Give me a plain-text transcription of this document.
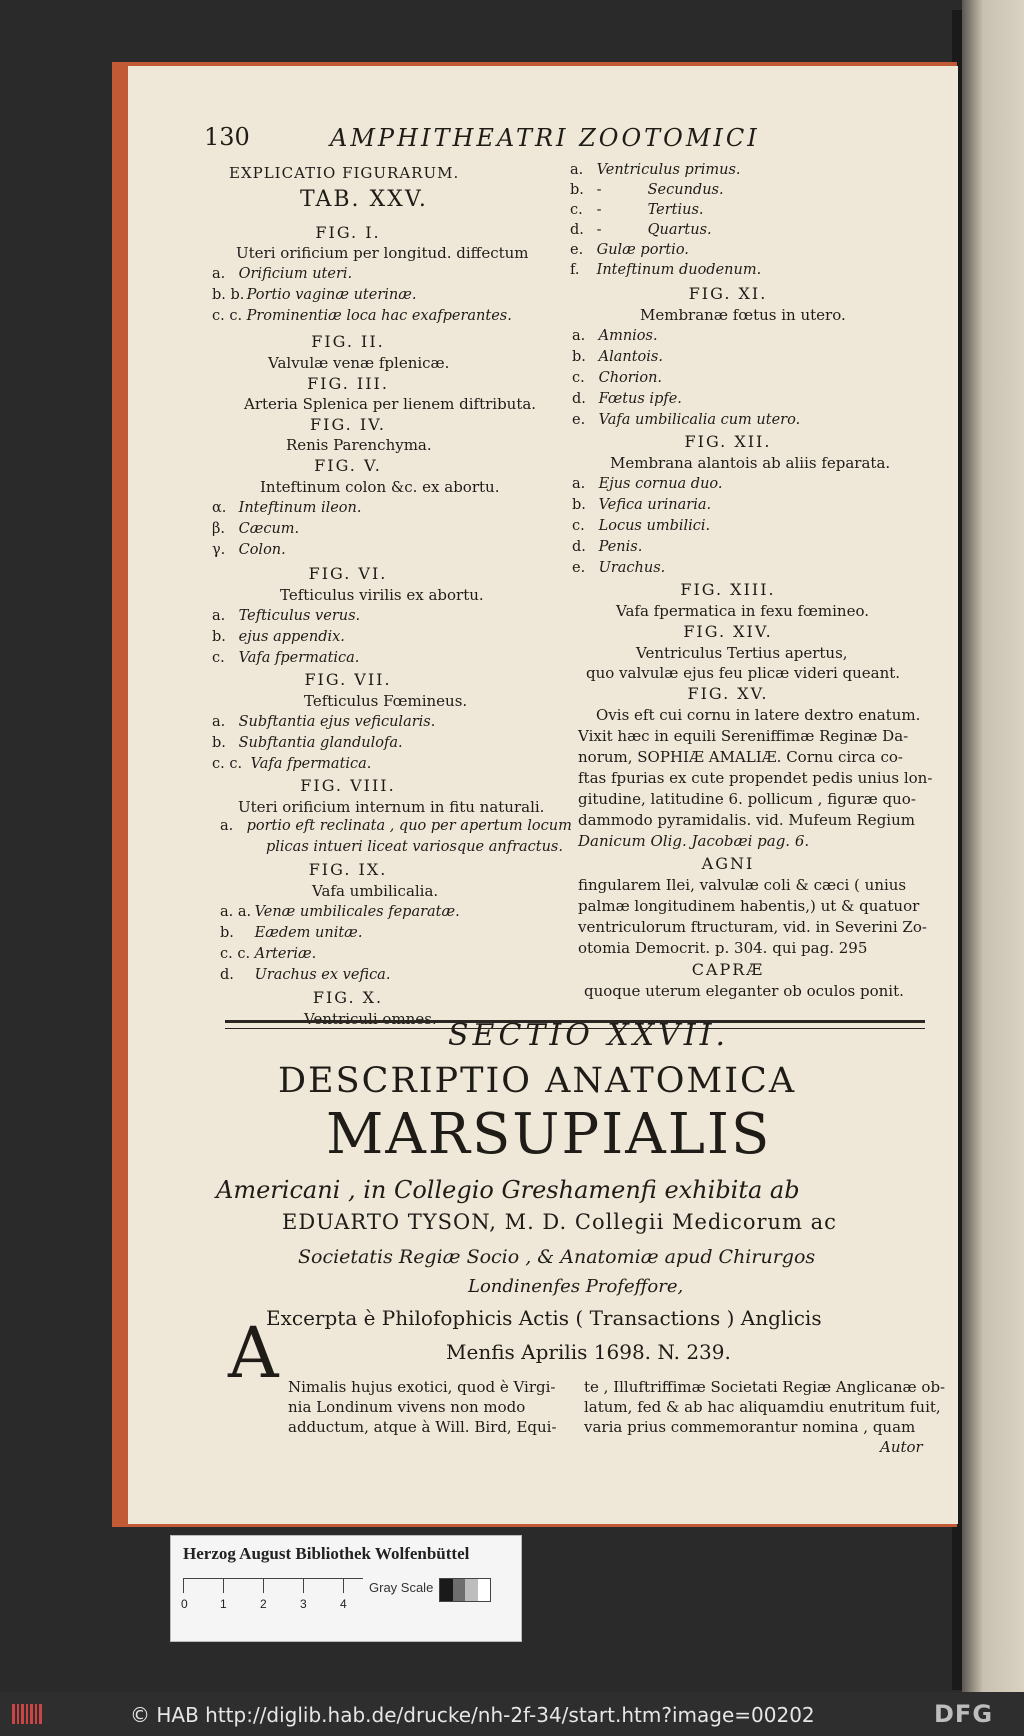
130	AMPHITHEATRI ZOOTOMICI
EXPLICATIO FIGURARUM.
TAB. XXV.
FIG. I.
Uteri orificium per longitud. diffectum
a. Orificium uteri.
b. b. Portio vaginæ uterinæ.
c. c. Prominentiæ loca hac exafperantes.
FIG. II.
Valvulæ venæ fplenicæ.
FIG. III.
Arteria Splenica per lienem diftributa.
FIG. IV.
Renis Parenchyma.
FIG. V.
Inteftinum colon &c. ex abortu.
α. Inteftinum ileon.
β. Cæcum.
γ. Colon.
FIG. VI.
Tefticulus virilis ex abortu.
a. Tefticulus verus.
b. ejus appendix.
c. Vafa fpermatica.
FIG. VII.
Tefticulus Fœmineus.
a. Subftantia ejus veficularis.
b. Subftantia glandulofa.
c. c. Vafa fpermatica.
FIG. VIII.
Uteri orificium internum in fitu naturali.
a. portio eft reclinata , quo per apertum locum
plicas intueri liceat variosque anfractus.
FIG. IX.
Vafa umbilicalia.
a. a. Venæ umbilicales feparatæ.
b. Eædem unitæ.
c. c. Arteriæ.
d. Urachus ex vefica.
FIG. X.
Ventriculi omnes.
a. Ventriculus primus.
b. -          Secundus.
c. -          Tertius.
d. -          Quartus.
e. Gulæ portio.
f. Inteftinum duodenum.
FIG. XI.
Membranæ fœtus in utero.
a. Amnios.
b. Alantois.
c. Chorion.
d. Fœtus ipfe.
e. Vafa umbilicalia cum utero.
FIG. XII.
Membrana alantois ab aliis feparata.
a. Ejus cornua duo.
b. Vefica urinaria.
c. Locus umbilici.
d. Penis.
e. Urachus.
FIG. XIII.
Vafa fpermatica in fexu fœmineo.
FIG. XIV.
Ventriculus Tertius apertus,
quo valvulæ ejus feu plicæ videri queant.
FIG. XV.
Ovis eft cui cornu in latere dextro enatum.
Vixit hæc in equili Sereniffimæ Reginæ Da-
norum, SOPHIÆ AMALIÆ. Cornu circa co-
ftas fpurias ex cute propendet pedis unius lon-
gitudine, latitudine 6. pollicum , figuræ quo-
dammodo pyramidalis. vid. Mufeum Regium
Danicum Olig. Jacobæi pag. 6.
AGNI
fingularem Ilei, valvulæ coli & cæci ( unius
palmæ longitudinem habentis,) ut & quatuor
ventriculorum ftructuram, vid. in Severini Zo-
otomia Democrit. p. 304. qui pag. 295
CAPRÆ
quoque uterum eleganter ob oculos ponit.
SECTIO XXVII.
DESCRIPTIO ANATOMICA
MARSUPIALIS
Americani , in Collegio Greshamenfi exhibita ab
EDUARTO TYSON, M. D. Collegii Medicorum ac
Societatis Regiæ Socio , & Anatomiæ apud Chirurgos
Londinenfes Profeffore,
Excerpta è Philofophicis Actis ( Transactions ) Anglicis
Menfis Aprilis 1698. N. 239.
Nimalis hujus exotici, quod è Virgi-
nia Londinum vivens non modo
adductum, atque à Will. Bird, Equi-
te , Illuftriffimæ Societati Regiæ Anglicanæ ob-
latum, fed & ab hac aliquamdiu enutritum fuit,
varia prius commemorantur nomina , quam
Autor
A
Herzog August Bibliothek Wolfenbüttel
0	1	2	3	4
Gray Scale
© HAB http://diglib.hab.de/drucke/nh-2f-34/start.htm?image=00202	DFG
